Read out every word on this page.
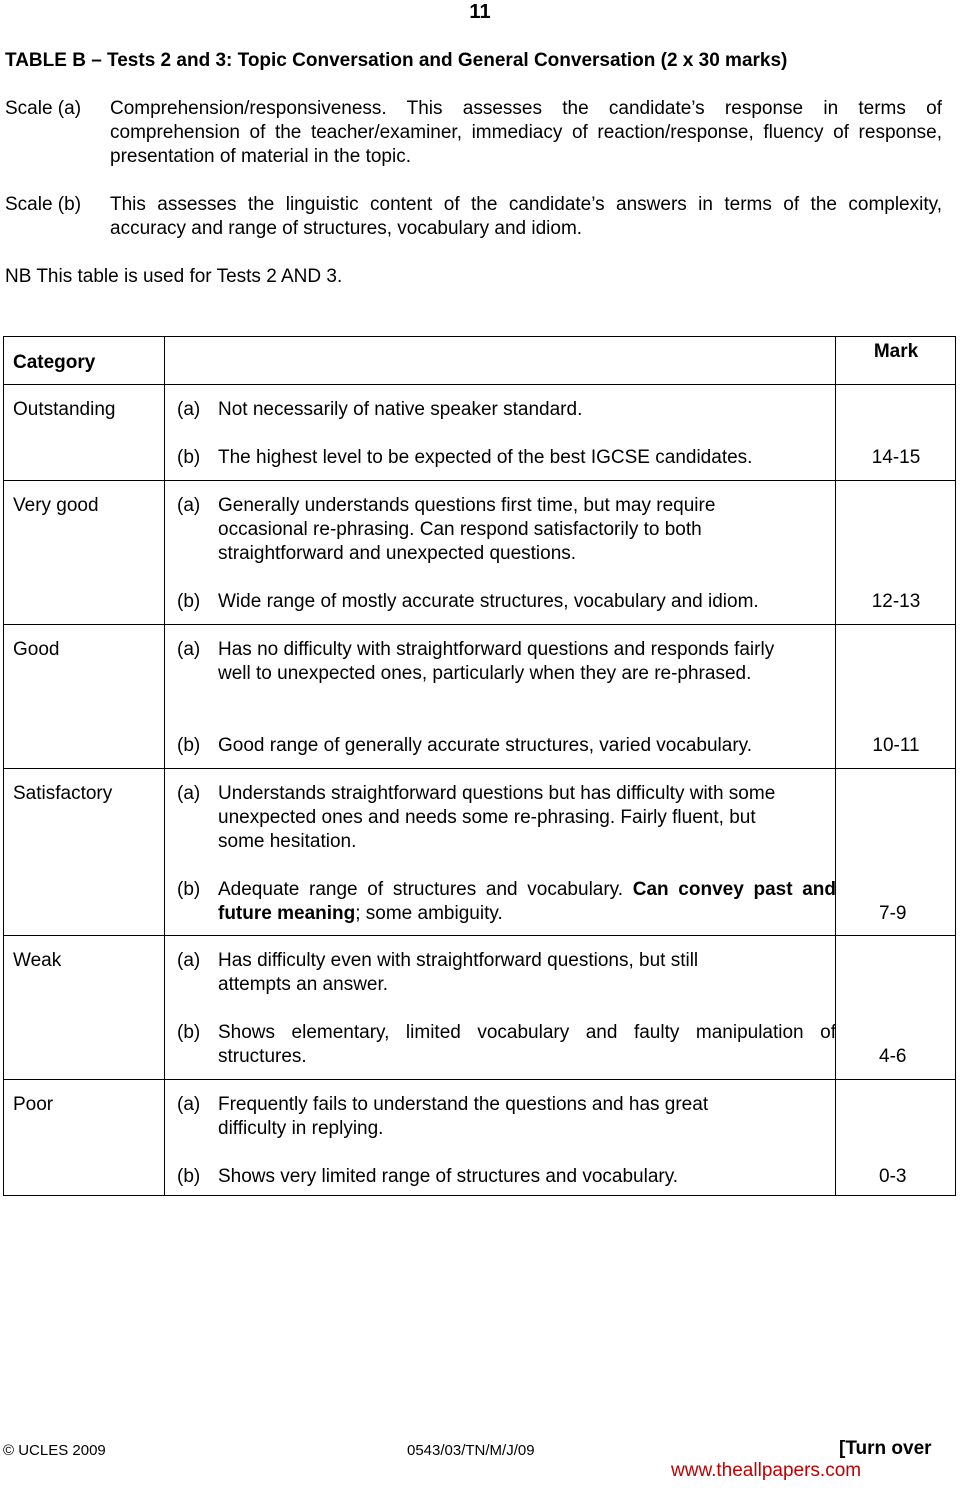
11
TABLE B – Tests 2 and 3: Topic Conversation and General Conversation (2 x 30 marks)
Scale (a) Comprehension/responsiveness. This assesses the candidate’s response in terms of comprehension of the teacher/examiner, immediacy of reaction/response, fluency of response, presentation of material in the topic.
Scale (b) This assesses the linguistic content of the candidate’s answers in terms of the complexity, accuracy and range of structures, vocabulary and idiom.
NB This table is used for Tests 2 AND 3.
Category
Mark
Outstanding	(a) Not necessarily of native speaker standard.
(b) The highest level to be expected of the best IGCSE candidates.	14-15
Very good	(a) Generally understands questions first time, but may require occasional re-phrasing. Can respond satisfactorily to both straightforward and unexpected questions.
(b) Wide range of mostly accurate structures, vocabulary and idiom.	12-13
Good	(a) Has no difficulty with straightforward questions and responds fairly well to unexpected ones, particularly when they are re-phrased.
(b) Good range of generally accurate structures, varied vocabulary.	10-11
Satisfactory	(a) Understands straightforward questions but has difficulty with some unexpected ones and needs some re-phrasing. Fairly fluent, but some hesitation.
(b) Adequate range of structures and vocabulary. Can convey past and future meaning; some ambiguity.	7-9
Weak	(a) Has difficulty even with straightforward questions, but still attempts an answer.
(b) Shows elementary, limited vocabulary and faulty manipulation of structures.	4-6
Poor	(a) Frequently fails to understand the questions and has great difficulty in replying.
(b) Shows very limited range of structures and vocabulary.	0-3
© UCLES 2009	0543/03/TN/M/J/09	[Turn over
www.theallpapers.com
